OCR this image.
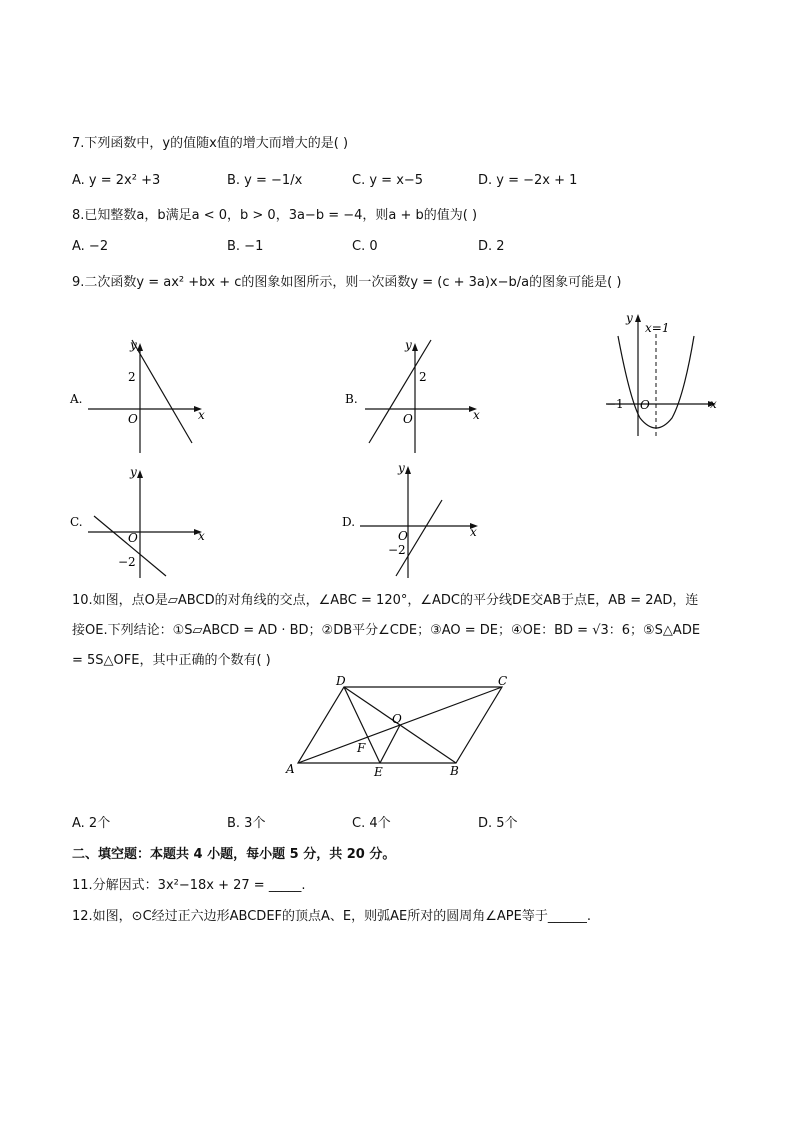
7.下列函数中，y的值随x值的增大而增大的是( )
A. y = 2x² +3	B. y = −1/x	C. y = x−5	D. y = −2x + 1
8.已知整数a，b满足a < 0，b > 0，3a−b = −4，则a + b的值为( )
A. −2	B. −1	C. 0	D. 2
9.二次函数y = ax² +bx + c的图象如图所示，则一次函数y = (c + 3a)x−b/a的图象可能是( )
A.
y
x
O
2
B.
y
x
O
2
y
x=1
x
O
−1
C.
y
x
O
−2
D.
y
x
O
−2
10.如图，点O是▱ABCD的对角线的交点，∠ABC = 120°，∠ADC的平分线DE交AB于点E，AB = 2AD，连
接OE.下列结论：①S▱ABCD = AD · BD；②DB平分∠CDE；③AO = DE；④OE：BD = √3：6；⑤S△ADE
= 5S△OFE，其中正确的个数有( )
A	B
C
D
E
F
O
A. 2个	B. 3个	C. 4个	D. 5个
二、填空题：本题共 4 小题，每小题 5 分，共 20 分。
11.分解因式：3x²−18x + 27 = _____.
12.如图，⊙C经过正六边形ABCDEF的顶点A、E，则弧AE所对的圆周角∠APE等于______.
